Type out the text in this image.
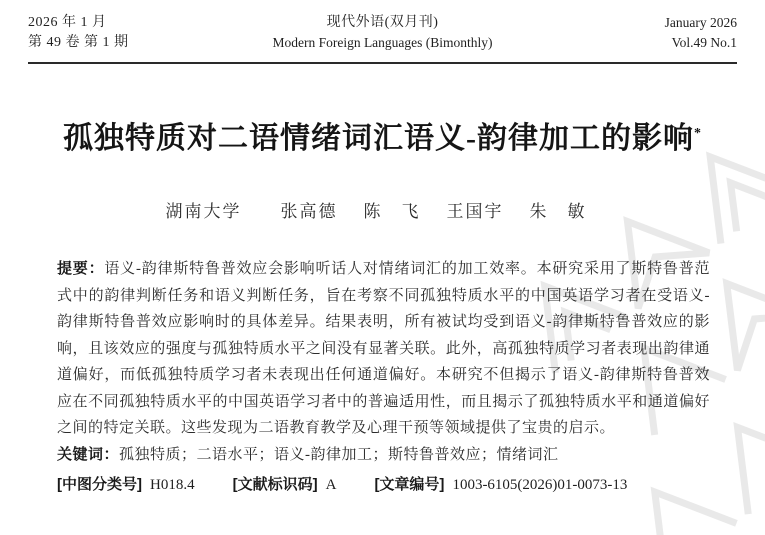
2026 年 1 月
第 49 卷 第 1 期
现代外语(双月刊)
Modern Foreign Languages (Bimonthly)
January 2026
Vol.49 No.1
孤独特质对二语情绪词汇语义-韵律加工的影响*
湖南大学 张高德 陈　飞 王国宇 朱　敏

提要：语义-韵律斯特鲁普效应会影响听话人对情绪词汇的加工效率。本研究采用了斯特鲁普范式中的韵律判断任务和语义判断任务，旨在考察不同孤独特质水平的中国英语学习者在受语义-韵律斯特鲁普效应影响时的具体差异。结果表明，所有被试均受到语义-韵律斯特鲁普效应的影响，且该效应的强度与孤独特质水平之间没有显著关联。此外，高孤独特质学习者表现出韵律通道偏好，而低孤独特质学习者未表现出任何通道偏好。本研究不但揭示了语义-韵律斯特鲁普效应在不同孤独特质水平的中国英语学习者中的普遍适用性，而且揭示了孤独特质水平和通道偏好之间的特定关联。这些发现为二语教育教学及心理干预等领域提供了宝贵的启示。

关键词：孤独特质；二语水平；语义-韵律加工；斯特鲁普效应；情绪词汇

[中图分类号] H018.4	[文献标识码] A	[文章编号] 1003-6105(2026)01-0073-13
